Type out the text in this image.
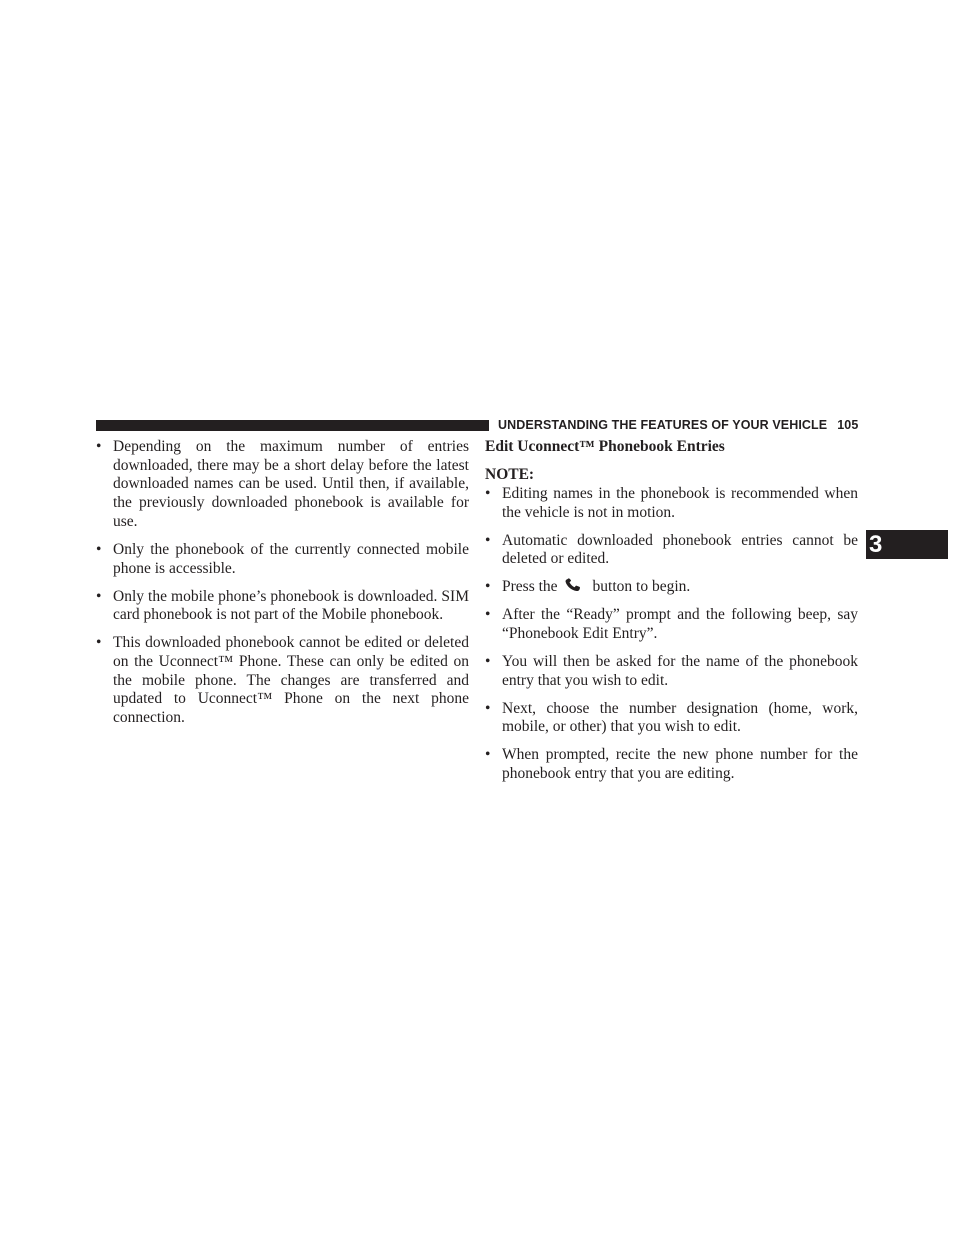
UNDERSTANDING THE FEATURES OF YOUR VEHICLE 105
3
• Depending on the maximum number of entries downloaded, there may be a short delay before the latest downloaded names can be used. Until then, if available, the previously downloaded phonebook is available for use.
• Only the phonebook of the currently connected mobile phone is accessible.
• Only the mobile phone’s phonebook is downloaded. SIM card phonebook is not part of the Mobile phonebook.
• This downloaded phonebook cannot be edited or deleted on the Uconnect™ Phone. These can only be edited on the mobile phone. The changes are transferred and updated to Uconnect™ Phone on the next phone connection.
Edit Uconnect™ Phonebook Entries
NOTE:
• Editing names in the phonebook is recommended when the vehicle is not in motion.
• Automatic downloaded phonebook entries cannot be deleted or edited.
• Press the button to begin.
• After the “Ready” prompt and the following beep, say “Phonebook Edit Entry”.
• You will then be asked for the name of the phonebook entry that you wish to edit.
• Next, choose the number designation (home, work, mobile, or other) that you wish to edit.
• When prompted, recite the new phone number for the phonebook entry that you are editing.
